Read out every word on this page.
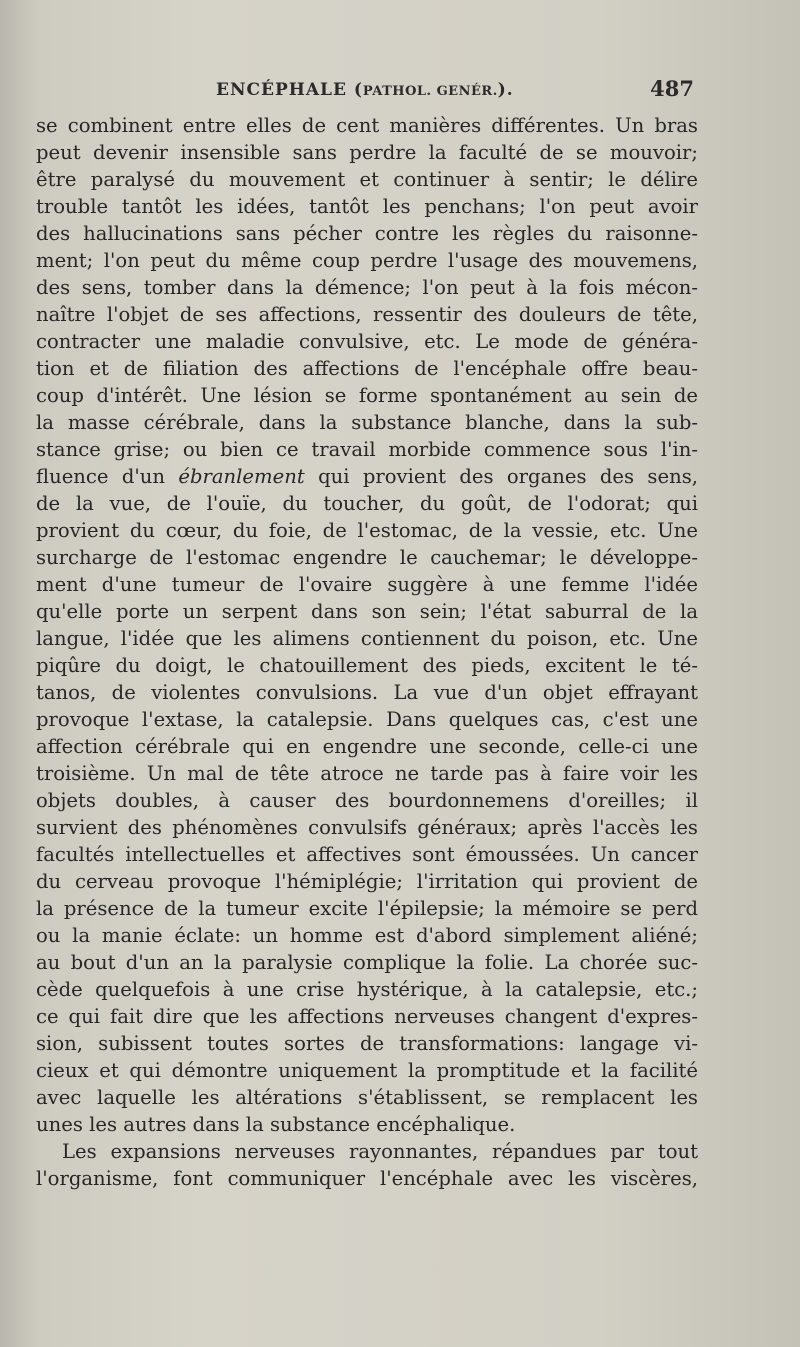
ENCÉPHALE (PATHOL. GENÉR.).	487
se combinent entre elles de cent manières différentes. Un bras
peut devenir insensible sans perdre la faculté de se mouvoir;
être paralysé du mouvement et continuer à sentir; le délire
trouble tantôt les idées, tantôt les penchans; l'on peut avoir
des hallucinations sans pécher contre les règles du raisonne-
ment; l'on peut du même coup perdre l'usage des mouvemens,
des sens, tomber dans la démence; l'on peut à la fois mécon-
naître l'objet de ses affections, ressentir des douleurs de tête,
contracter une maladie convulsive, etc. Le mode de généra-
tion et de filiation des affections de l'encéphale offre beau-
coup d'intérêt. Une lésion se forme spontanément au sein de
la masse cérébrale, dans la substance blanche, dans la sub-
stance grise; ou bien ce travail morbide commence sous l'in-
fluence d'un ébranlement qui provient des organes des sens,
de la vue, de l'ouïe, du toucher, du goût, de l'odorat; qui
provient du cœur, du foie, de l'estomac, de la vessie, etc. Une
surcharge de l'estomac engendre le cauchemar; le développe-
ment d'une tumeur de l'ovaire suggère à une femme l'idée
qu'elle porte un serpent dans son sein; l'état saburral de la
langue, l'idée que les alimens contiennent du poison, etc. Une
piqûre du doigt, le chatouillement des pieds, excitent le té-
tanos, de violentes convulsions. La vue d'un objet effrayant
provoque l'extase, la catalepsie. Dans quelques cas, c'est une
affection cérébrale qui en engendre une seconde, celle-ci une
troisième. Un mal de tête atroce ne tarde pas à faire voir les
objets doubles, à causer des bourdonnemens d'oreilles; il
survient des phénomènes convulsifs généraux; après l'accès les
facultés intellectuelles et affectives sont émoussées. Un cancer
du cerveau provoque l'hémiplégie; l'irritation qui provient de
la présence de la tumeur excite l'épilepsie; la mémoire se perd
ou la manie éclate: un homme est d'abord simplement aliéné;
au bout d'un an la paralysie complique la folie. La chorée suc-
cède quelquefois à une crise hystérique, à la catalepsie, etc.;
ce qui fait dire que les affections nerveuses changent d'expres-
sion, subissent toutes sortes de transformations: langage vi-
cieux et qui démontre uniquement la promptitude et la facilité
avec laquelle les altérations s'établissent, se remplacent les
unes les autres dans la substance encéphalique.
Les expansions nerveuses rayonnantes, répandues par tout
l'organisme, font communiquer l'encéphale avec les viscères,
